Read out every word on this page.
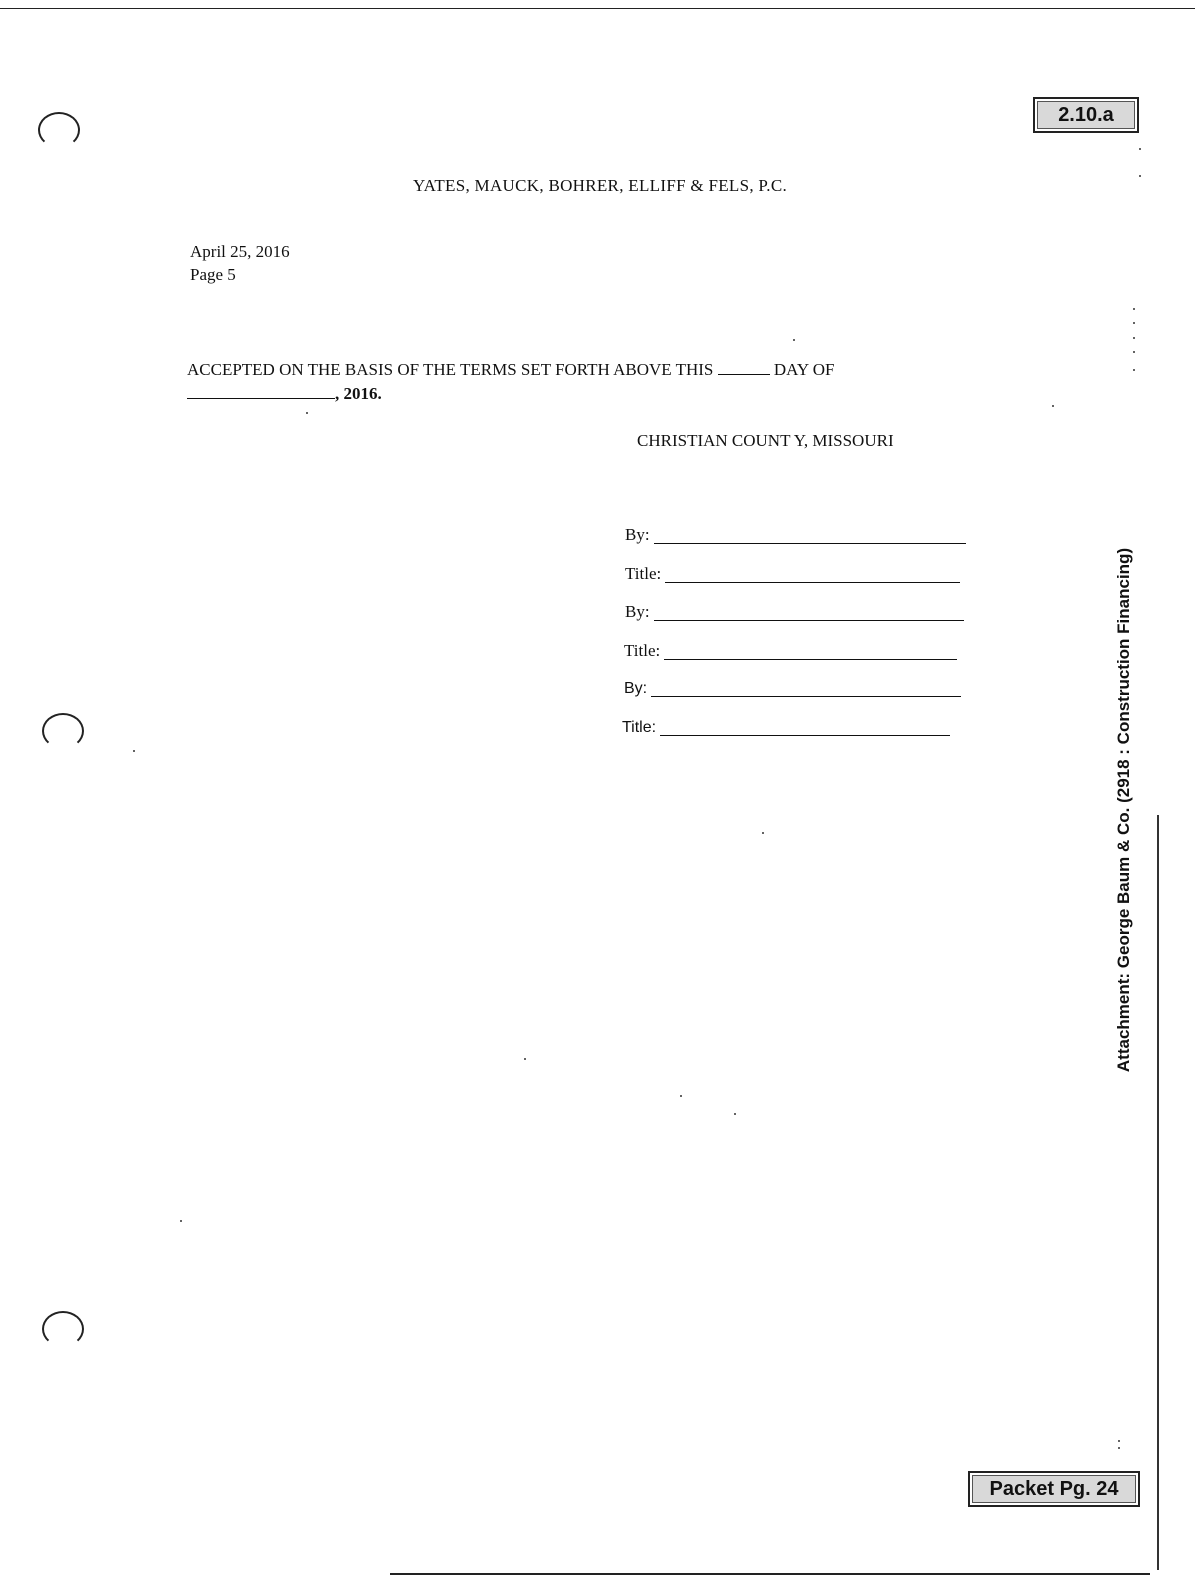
2.10.a
Packet Pg. 24
YATES, MAUCK, BOHRER, ELLIFF & FELS, P.C.
April 25, 2016
Page 5
ACCEPTED ON THE BASIS OF THE TERMS SET FORTH ABOVE THIS	DAY OF
, 2016.
CHRISTIAN COUNT Y, MISSOURI
By:
Title:
By:
Title:
By:
Title:	Attachment: George Baum & Co. (2918 : Construction Financing)
